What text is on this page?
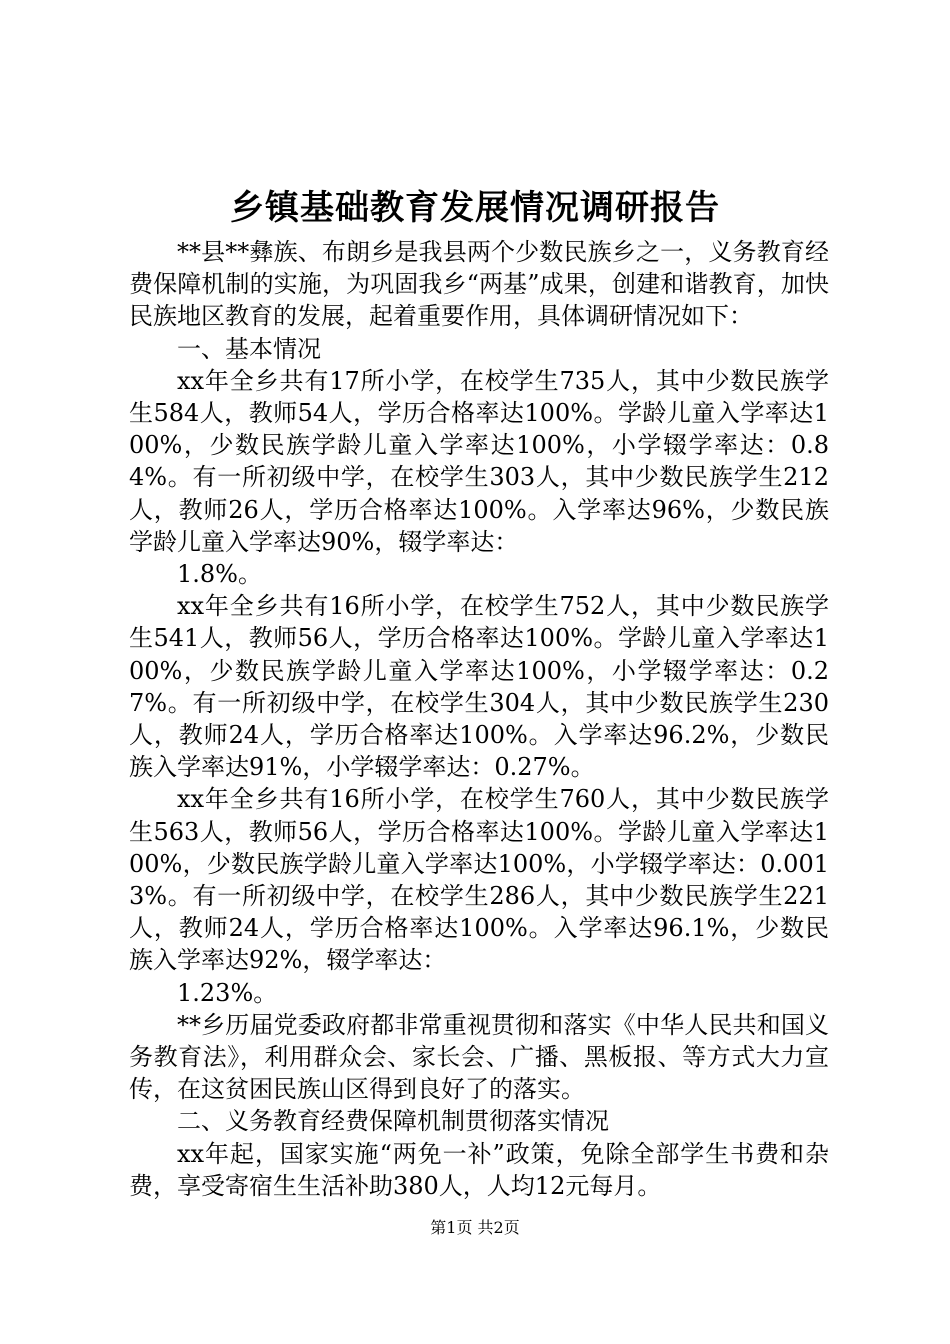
乡镇基础教育发展情况调研报告

**县**彝族、布朗乡是我县两个少数民族乡之一，义务教育经费保障机制的实施，为巩固我乡“两基”成果，创建和谐教育，加快民族地区教育的发展，起着重要作用，具体调研情况如下：

一、基本情况

xx年全乡共有17所小学，在校学生735人，其中少数民族学生584人，教师54人，学历合格率达100%。学龄儿童入学率达100%，少数民族学龄儿童入学率达100%，小学辍学率达：0.84%。有一所初级中学，在校学生303人，其中少数民族学生212人，教师26人，学历合格率达100%。入学率达96%，少数民族学龄儿童入学率达90%，辍学率达：

1.8%。

xx年全乡共有16所小学，在校学生752人，其中少数民族学生541人，教师56人，学历合格率达100%。学龄儿童入学率达100%，少数民族学龄儿童入学率达100%，小学辍学率达：0.27%。有一所初级中学，在校学生304人，其中少数民族学生230人，教师24人，学历合格率达100%。入学率达96.2%，少数民族入学率达91%，小学辍学率达：0.27%。

xx年全乡共有16所小学，在校学生760人，其中少数民族学生563人，教师56人，学历合格率达100%。学龄儿童入学率达100%，少数民族学龄儿童入学率达100%，小学辍学率达：0.0013%。有一所初级中学，在校学生286人，其中少数民族学生221人，教师24人，学历合格率达100%。入学率达96.1%，少数民族入学率达92%，辍学率达：

1.23%。

**乡历届党委政府都非常重视贯彻和落实《中华人民共和国义务教育法》，利用群众会、家长会、广播、黑板报、等方式大力宣传，在这贫困民族山区得到良好了的落实。

二、义务教育经费保障机制贯彻落实情况

xx年起，国家实施“两免一补”政策，免除全部学生书费和杂费，享受寄宿生生活补助380人，人均12元每月。

第1页 共2页
